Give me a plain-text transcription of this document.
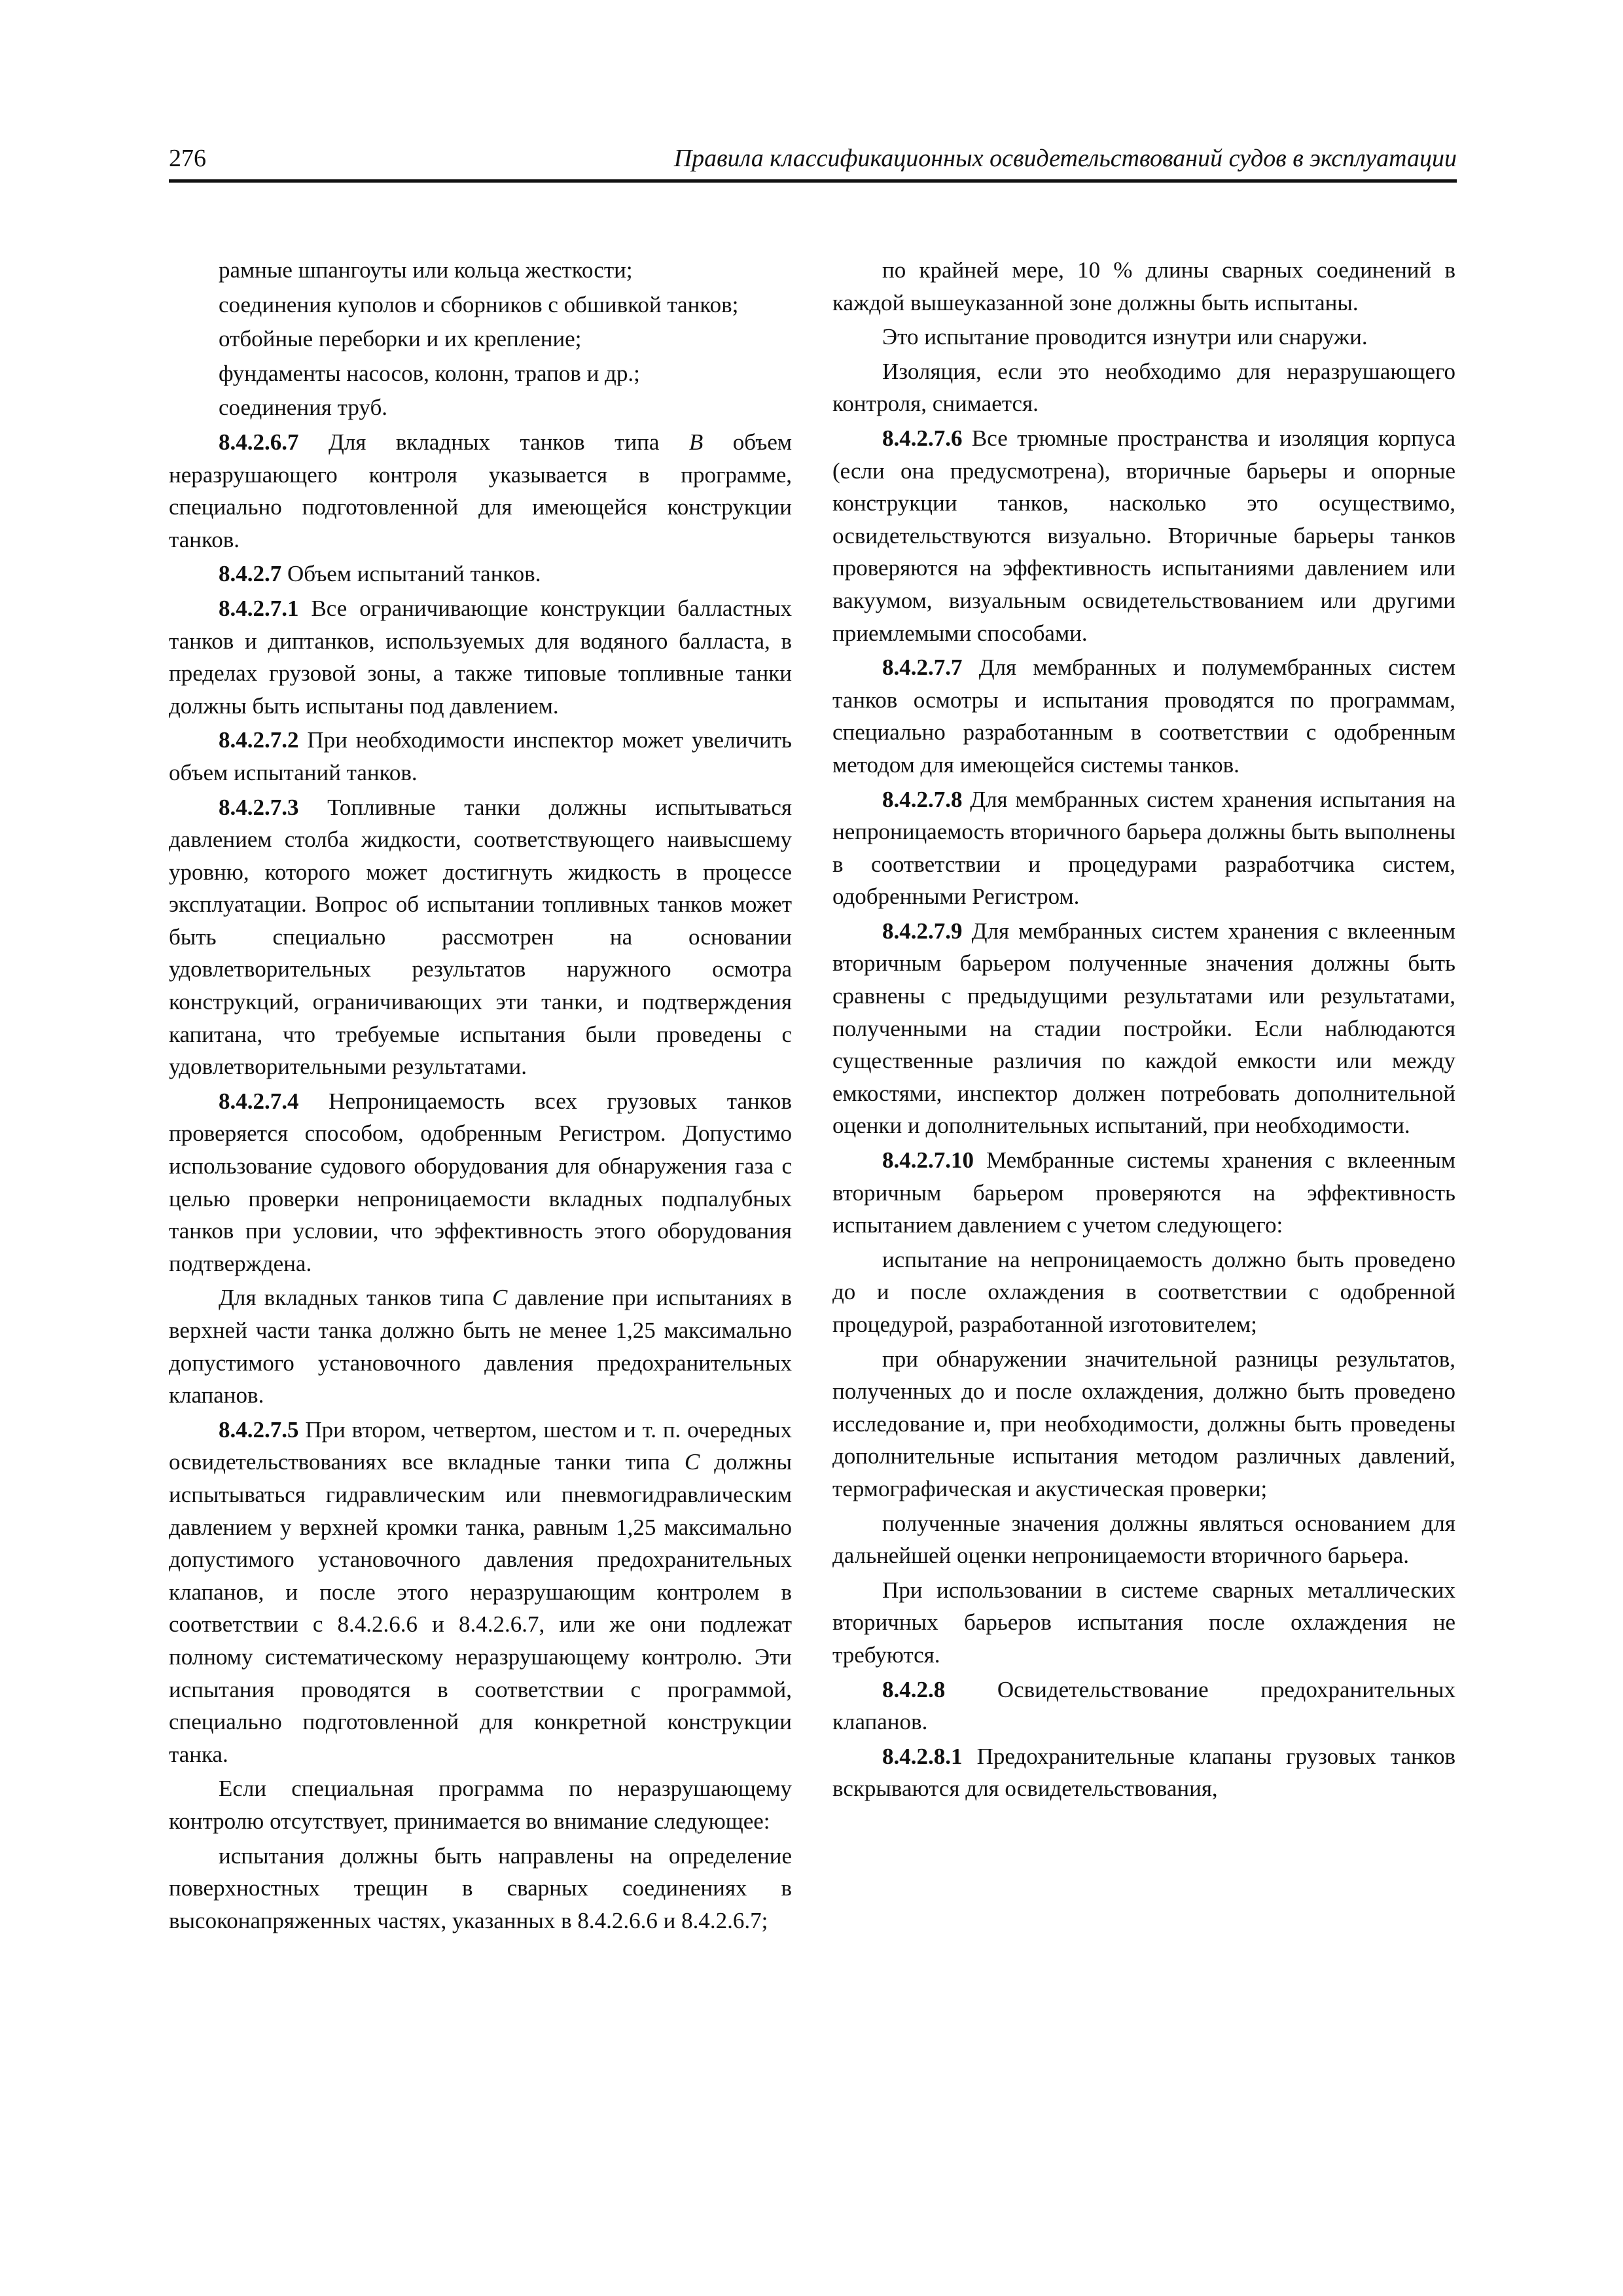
276	Правила классификационных освидетельствований судов в эксплуатации

рамные шпангоуты или кольца жесткости;

соединения куполов и сборников с обшивкой танков;

отбойные переборки и их крепление;

фундаменты насосов, колонн, трапов и др.;

соединения труб.

8.4.2.6.7 Для вкладных танков типа B объем неразрушающего контроля указывается в программе, специально подготовленной для имеющейся конструкции танков.

8.4.2.7 Объем испытаний танков.

8.4.2.7.1 Все ограничивающие конструкции балластных танков и диптанков, используемых для водяного балласта, в пределах грузовой зоны, а также типовые топливные танки должны быть испытаны под давлением.

8.4.2.7.2 При необходимости инспектор может увеличить объем испытаний танков.

8.4.2.7.3 Топливные танки должны испытываться давлением столба жидкости, соответствующего наивысшему уровню, которого может достигнуть жидкость в процессе эксплуатации. Вопрос об испытании топливных танков может быть специально рассмотрен на основании удовлетворительных результатов наружного осмотра конструкций, ограничивающих эти танки, и подтверждения капитана, что требуемые испытания были проведены с удовлетворительными результатами.

8.4.2.7.4 Непроницаемость всех грузовых танков проверяется способом, одобренным Регистром. Допустимо использование судового оборудования для обнаружения газа с целью проверки непроницаемости вкладных подпалубных танков при условии, что эффективность этого оборудования подтверждена.

Для вкладных танков типа C давление при испытаниях в верхней части танка должно быть не менее 1,25 максимально допустимого установочного давления предохранительных клапанов.

8.4.2.7.5 При втором, четвертом, шестом и т. п. очередных освидетельствованиях все вкладные танки типа C должны испытываться гидравлическим или пневмогидравлическим давлением у верхней кромки танка, равным 1,25 максимально допустимого установочного давления предохранительных клапанов, и после этого неразрушающим контролем в соответствии с 8.4.2.6.6 и 8.4.2.6.7, или же они подлежат полному систематическому неразрушающему контролю. Эти испытания проводятся в соответствии с программой, специально подготовленной для конкретной конструкции танка.

Если специальная программа по неразрушающему контролю отсутствует, принимается во внимание следующее:

испытания должны быть направлены на определение поверхностных трещин в сварных соединениях в высоконапряженных частях, указанных в 8.4.2.6.6 и 8.4.2.6.7;

по крайней мере, 10 % длины сварных соединений в каждой вышеуказанной зоне должны быть испытаны.

Это испытание проводится изнутри или снаружи.

Изоляция, если это необходимо для неразрушающего контроля, снимается.

8.4.2.7.6 Все трюмные пространства и изоляция корпуса (если она предусмотрена), вторичные барьеры и опорные конструкции танков, насколько это осуществимо, освидетельствуются визуально. Вторичные барьеры танков проверяются на эффективность испытаниями давлением или вакуумом, визуальным освидетельствованием или другими приемлемыми способами.

8.4.2.7.7 Для мембранных и полумембранных систем танков осмотры и испытания проводятся по программам, специально разработанным в соответствии с одобренным методом для имеющейся системы танков.

8.4.2.7.8 Для мембранных систем хранения испытания на непроницаемость вторичного барьера должны быть выполнены в соответствии и процедурами разработчика систем, одобренными Регистром.

8.4.2.7.9 Для мембранных систем хранения с вклеенным вторичным барьером полученные значения должны быть сравнены с предыдущими результатами или результатами, полученными на стадии постройки. Если наблюдаются существенные различия по каждой емкости или между емкостями, инспектор должен потребовать дополнительной оценки и дополнительных испытаний, при необходимости.

8.4.2.7.10 Мембранные системы хранения с вклеенным вторичным барьером проверяются на эффективность испытанием давлением с учетом следующего:

испытание на непроницаемость должно быть проведено до и после охлаждения в соответствии с одобренной процедурой, разработанной изготовителем;

при обнаружении значительной разницы результатов, полученных до и после охлаждения, должно быть проведено исследование и, при необходимости, должны быть проведены дополнительные испытания методом различных давлений, термографическая и акустическая проверки;

полученные значения должны являться основанием для дальнейшей оценки непроницаемости вторичного барьера.

При использовании в системе сварных металлических вторичных барьеров испытания после охлаждения не требуются.

8.4.2.8 Освидетельствование предохранительных клапанов.

8.4.2.8.1 Предохранительные клапаны грузовых танков вскрываются для освидетельствования,
